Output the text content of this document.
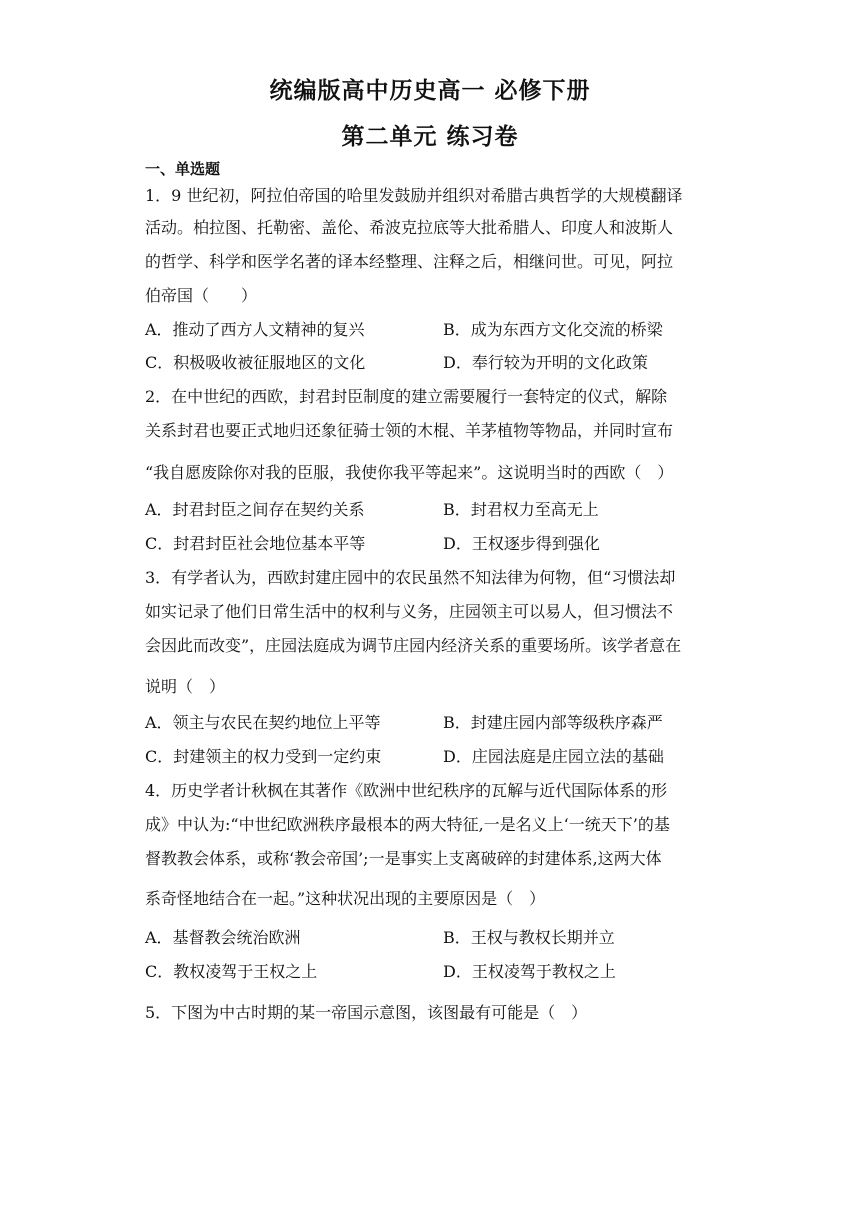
统编版高中历史高一 必修下册
第二单元 练习卷
一、单选题
1．9 世纪初，阿拉伯帝国的哈里发鼓励并组织对希腊古典哲学的大规模翻译
活动。柏拉图、托勒密、盖伦、希波克拉底等大批希腊人、印度人和波斯人
的哲学、科学和医学名著的译本经整理、注释之后，相继问世。可见，阿拉
伯帝国（　　）
A．推动了西方人文精神的复兴	B．成为东西方文化交流的桥梁
C．积极吸收被征服地区的文化	D．奉行较为开明的文化政策
2．在中世纪的西欧，封君封臣制度的建立需要履行一套特定的仪式，解除
关系封君也要正式地归还象征骑士领的木棍、羊茅植物等物品，并同时宣布
“我自愿废除你对我的臣服，我使你我平等起来”。这说明当时的西欧（　）
A．封君封臣之间存在契约关系	B．封君权力至高无上
C．封君封臣社会地位基本平等	D．王权逐步得到强化
3．有学者认为，西欧封建庄园中的农民虽然不知法律为何物，但“习惯法却
如实记录了他们日常生活中的权利与义务，庄园领主可以易人，但习惯法不
会因此而改变”，庄园法庭成为调节庄园内经济关系的重要场所。该学者意在
说明（　）
A．领主与农民在契约地位上平等	B．封建庄园内部等级秩序森严
C．封建领主的权力受到一定约束	D．庄园法庭是庄园立法的基础
4．历史学者计秋枫在其著作《欧洲中世纪秩序的瓦解与近代国际体系的形
成》中认为:“中世纪欧洲秩序最根本的两大特征,一是名义上‘一统天下’的基
督教教会体系，或称‘教会帝国’;一是事实上支离破碎的封建体系,这两大体
系奇怪地结合在一起。”这种状况出现的主要原因是（　）
A．基督教会统治欧洲	B．王权与教权长期并立
C．教权凌驾于王权之上	D．王权凌驾于教权之上
5．下图为中古时期的某一帝国示意图，该图最有可能是（　）
